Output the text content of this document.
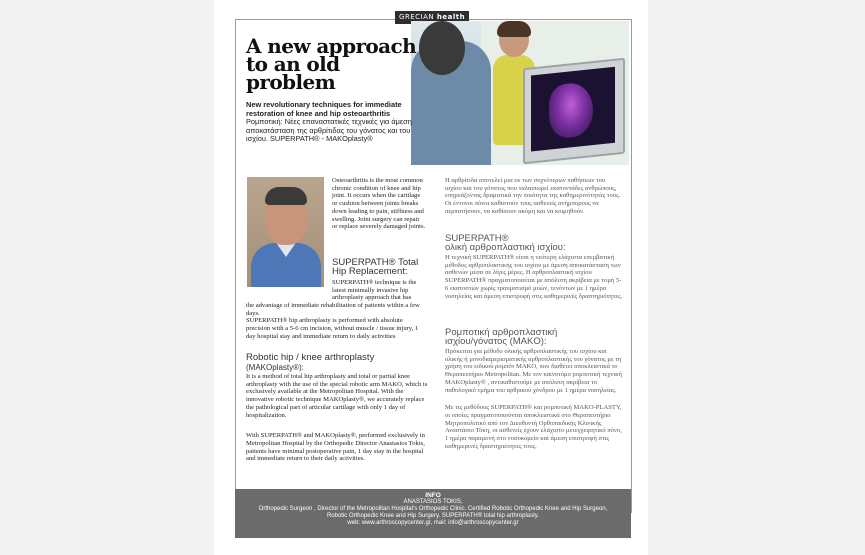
GRECIAN health
A new approach to an old problem
New revolutionary techniques for immediate restoration of knee and hip osteoarthritis Ρομποτική: Νέες επαναστατικές τεχνικές για άμεση αποκατάσταση της αρθρίτιδας του γόνατος και του ισχίου. SUPERPATH® - MAKOplasty®
Osteoarthritis is the most common chronic condition of knee and hip joint. It occurs when the cartilage or cushion between joints breaks down leading to pain, stiffness and swelling. Joint surgery can repair or replace severely damaged joints.
SUPERPATH® Total Hip Replacement:
SUPERPATH® technique is the latest minimally invasive hip arthroplasty approach that has

the advantage of immediate rehabilitation of patients within a few days.

SUPERPATH® hip arthroplasty is performed with absolute precision with a 5-6 cm incision, without muscle / tissue injury, 1 day hospital stay and immediate return to daily activities

Robotic hip / knee arthroplasty
(MAKOplasty®):

It is a method of total hip arthroplasty and total or partial knee arthroplasty with the use of the special robotic arm MAKO, which is exclusively available at the Metropolitan Hospital. With the innovative robotic technique MAKOplasty®, we accurately replace the pathological part of articular cartilage with only 1 day of hospitalization.

With SUPERPATH® and MAKOplasty®, performed exclusively in Metropolitan Hospital by the Orthopedic Director Anastasios Tokis, patients have minimal postoperative pain, 1 day stay in the hospital and immediate return to their daily activities.

Η αρθρίτιδα αποτελεί μια εκ των συχνότερων παθήσεων του ισχίου και του γόνατος που ταλαιπωρεί εκατοντάδες ανθρώπους, επηρεάζοντας δραματικά την ποιότητα της καθημερινότητάς τους. Οι έντονοι πόνοι καθιστούν τους ασθενείς ανήμπορους να περπατήσουν, να καθίσουν ακόμη και να κοιμηθούν.
SUPERPATH®
ολική αρθροπλαστική ισχίου:
Η τεχνική SUPERPATH® είναι η νεότερη ελάχιστα επεμβατική μέθοδος αρθροπλαστικής του ισχίου με άμεση αποκατάσταση των ασθενών μέσα σε λίγες μέρες. Η αρθροπλαστική ισχίου SUPERPATH® πραγματοποιείται με απόλυτη ακρίβεια με τομή 5-6 εκατοστών χωρίς τραυματισμό μυών, τενόντων με 1 ημέρα νοσηλείας και άμεση επιστροφή στις καθημερινές δραστηριότητες.
Ρομποτική αρθροπλαστική
ισχίου/γόνατος (MAKO):

Πρόκειται για μέθοδο ολικής αρθροπλαστικής του ισχίου και ολικής ή μονοδιαμερισματικής αρθροπλαστικής του γόνατος με τη χρήση του ειδικού ρομπότ MAKO, που διαθέτει αποκλειστικά το Θεραπευτήριο Metropolitan. Με τον καινοτόμο ρομποτική τεχνική MAKOplasty® , αντικαθιστούμε με απόλυτη ακρίβεια το παθολογικό τμήμα του αρθρικού χόνδρου με 1 ημέρα νοσηλείας.

Με τις μεθόδους SUPERPATH® και ρομποτική MAKO-PLASTY, οι οποίες πραγματοποιούνται αποκλειστικά στο Θεραπευτήριο Μητροπολιτικό από τον Διευθυντή Ορθοπαιδικής Κλινικής Αναστάσιο Τόκη, οι ασθενείς έχουν ελάχιστο μετεγχειρητικό πόνο, 1 ημέρα παραμονή στο νοσοκομείο και άμεση επιστροφή στις καθημερινές δραστηριότητες τους.

INFO
ANASTASIOS TOKIS,
Orthopedic Surgeon , Director of the Metropolitan Hospital's Orthopedic Clinic. Certified Robotic Orthopedic Knee and Hip Surgeon,
Robotic Orthopedic Knee and Hip Surgery. SUPERPATH® total hip arthroplasty.
web: www.arthroscopycenter.gr, mail: info@arthroscopycenter.gr
